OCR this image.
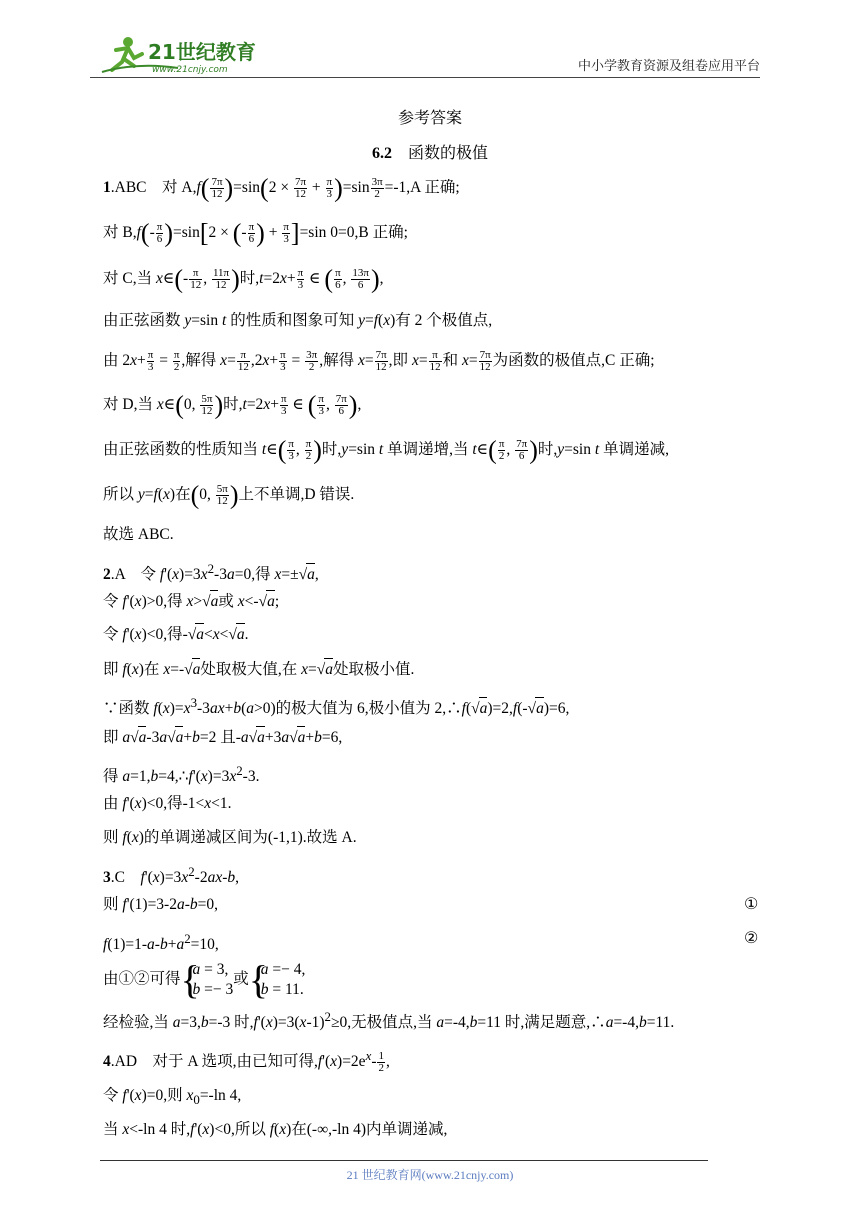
21世纪教育
www.21cnjy.com	中小学教育资源及组卷应用平台
参考答案
6.2　函数的极值
1.ABC　对 $A,f( \frac{7\pi}{12} )=\sin(2 \times \frac{7\pi}{12} + \frac{\pi}{3} )=\sin \frac{3\pi}{2} =-1,A$ 正确;
对 $B,f(- \frac{\pi}{6} )=\sin[2$ × (- $\frac{\pi}{6}$ ) + $\frac{\pi}{3} ]=\sin$ 0=0,B 正确;
对 C,当 x∈(- $\frac{\pi}{12}$ , $\frac{11\pi}{12}$ )时$,t=2x+ \frac{\pi}{3}$ ∈ ( $\frac{\pi}{6}$ , $\frac{13\pi}{6}$ ),
由正弦函数 y=sin t 的性质和图象可知 y=f(x)有 2 个极值点,
由 $2x+ \frac{\pi}{3} = \frac{\pi}{2}$ ,解得 $x= \frac{\pi}{12} ,2x+ \frac{\pi}{3} = \frac{3\pi}{2}$ ,解得 $x= \frac{7\pi}{12}$ ,即 $x= \frac{\pi}{12}$ 和 $x= \frac{7\pi}{12}$ 为函数的极值点,C 正确;
对 D,当 x∈(0, $\frac{5\pi}{12}$ )时$,t=2x+ \frac{\pi}{3}$ ∈ ( $\frac{\pi}{3}$ , $\frac{7\pi}{6}$ ),
由正弦函数的性质知当 t∈( $\frac{\pi}{3}$ , $\frac{\pi}{2}$ )时,y=sin t 单调递增,当 t∈( $\frac{\pi}{2}$ , $\frac{7\pi}{6}$ )时,y=sin t 单调递减,
所以 y=f(x)在(0, $\frac{5\pi}{12}$ )上不单调,D 错误.
故选 ABC.
2.A　令 $f'(x)=3x^2-3a=0$,得 x=±√a,
令 f'(x)>0,得 x>√a或 x<-√a;
令 f'(x)<0,得-√a<x<√a.
即 f(x)在 x=-√a处取极大值,在 x=√a处取极小值.
∵函数 $f(x)=x^3-3ax+b(a>0)$的极大值为 6,极小值为 2,∴f(√a)=2,f(-√a)=6,
即 a√a-3a√a+b=2 且-a√a+3a√a+b=6,
得 $a=1,b=4,\therefore f'(x)=3x^2-3$.
由 f'(x)<0,得-1<x<1.
则 f(x)的单调递减区间为(-1,1).故选 A.
3.C　 $f'(x)=3x^2-2ax-b$,
则 f'(1)=3-2a-b=0,	①
$f(1)=1-a-b+a^2=10$,	②
由①②可得{ a = 3,
b =− 3或{ a =− 4,
b = 11.
经检验,当 a=3,b=-3 时$,f'(x)=3(x-1)^2\ge 0$,无极值点,当 a=-4,b=11 时,满足题意,∴a=-4,b=11.
4.AD　对于 A 选项,由已知可得$,f'(x)=2e^x- \frac{1}{2}$ ,
令 f'(x)=0,则 $x_0=-\ln$ 4,
当 x<-ln 4 时,f'(x)<0,所以 f(x)在(-∞,-ln 4)内单调递减,
21 世纪教育网(www.21cnjy.com)
